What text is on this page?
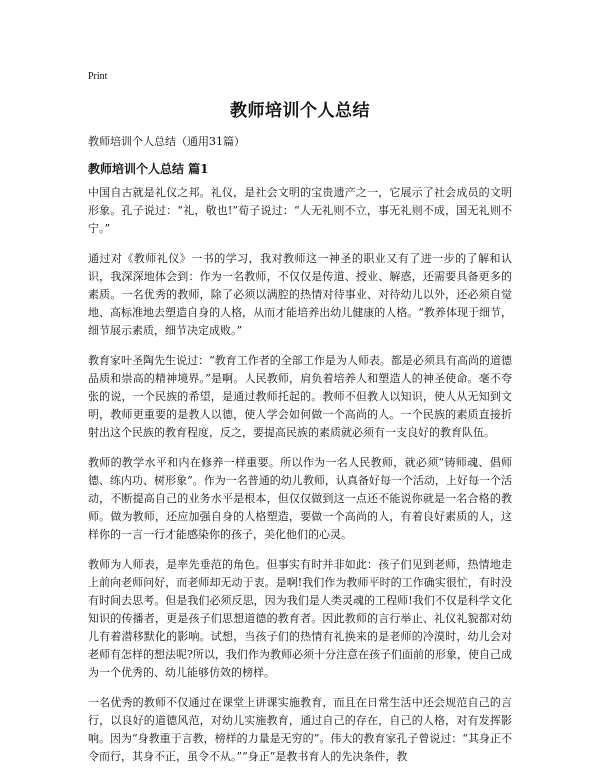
Print
教师培训个人总结
教师培训个人总结（通用31篇）
教师培训个人总结 篇1

中国自古就是礼仪之邦。礼仪，是社会文明的宝贵遗产之一，它展示了社会成员的文明形象。孔子说过：“礼，敬也!”荀子说过：“人无礼则不立，事无礼则不成，国无礼则不宁。”

通过对《教师礼仪》一书的学习，我对教师这一神圣的职业又有了进一步的了解和认识，我深深地体会到：作为一名教师，不仅仅是传道、授业、解惑，还需要具备更多的素质。一名优秀的教师，除了必须以满腔的热情对待事业、对待幼儿以外，还必须自觉地、高标准地去塑造自身的人格，从而才能培养出幼儿健康的人格。“教养体现于细节，细节展示素质，细节决定成败。”

教育家叶圣陶先生说过：“教育工作者的全部工作是为人师表。都是必须具有高尚的道德品质和崇高的精神境界。”是啊。人民教师，肩负着培养人和塑造人的神圣使命。毫不夸张的说，一个民族的希望，是通过教师托起的。教师不但教人以知识，使人从无知到文明，教师更重要的是教人以德，使人学会如何做一个高尚的人。一个民族的素质直接折射出这个民族的教育程度，反之，要提高民族的素质就必须有一支良好的教育队伍。

教师的教学水平和内在修养一样重要。所以作为一名人民教师，就必须“铸师魂、倡师德、练内功、树形象”。作为一名普通的幼儿教师，认真备好每一个活动，上好每一个活动，不断提高自己的业务水平是根本，但仅仅做到这一点还不能说你就是一名合格的教师。做为教师，还应加强自身的人格塑造，要做一个高尚的人，有着良好素质的人，这样你的一言一行才能感染你的孩子，美化他们的心灵。

教师为人师表，是率先垂范的角色。但事实有时并非如此：孩子们见到老师，热情地走上前向老师问好，而老师却无动于衷。是啊!我们作为教师平时的工作确实很忙，有时没有时间去思考。但是我们必须反思，因为我们是人类灵魂的工程师!我们不仅是科学文化知识的传播者，更是孩子们思想道德的教育者。因此教师的言行举止、礼仪礼貌都对幼儿有着潜移默化的影响。试想，当孩子们的热情有礼换来的是老师的冷漠时，幼儿会对老师有怎样的想法呢?所以，我们作为教师必须十分注意在孩子们面前的形象，使自己成为一个优秀的、幼儿能够仿效的榜样。

一名优秀的教师不仅通过在课堂上讲课实施教育，而且在日常生活中还会规范自己的言行，以良好的道德风范，对幼儿实施教育，通过自己的存在，自己的人格，对有发挥影响。因为“身教重于言教，榜样的力量是无穷的”。伟大的教育家孔子曾说过：“其身正不令而行，其身不正，虽令不从。”“身正”是教书育人的先决条件，教
